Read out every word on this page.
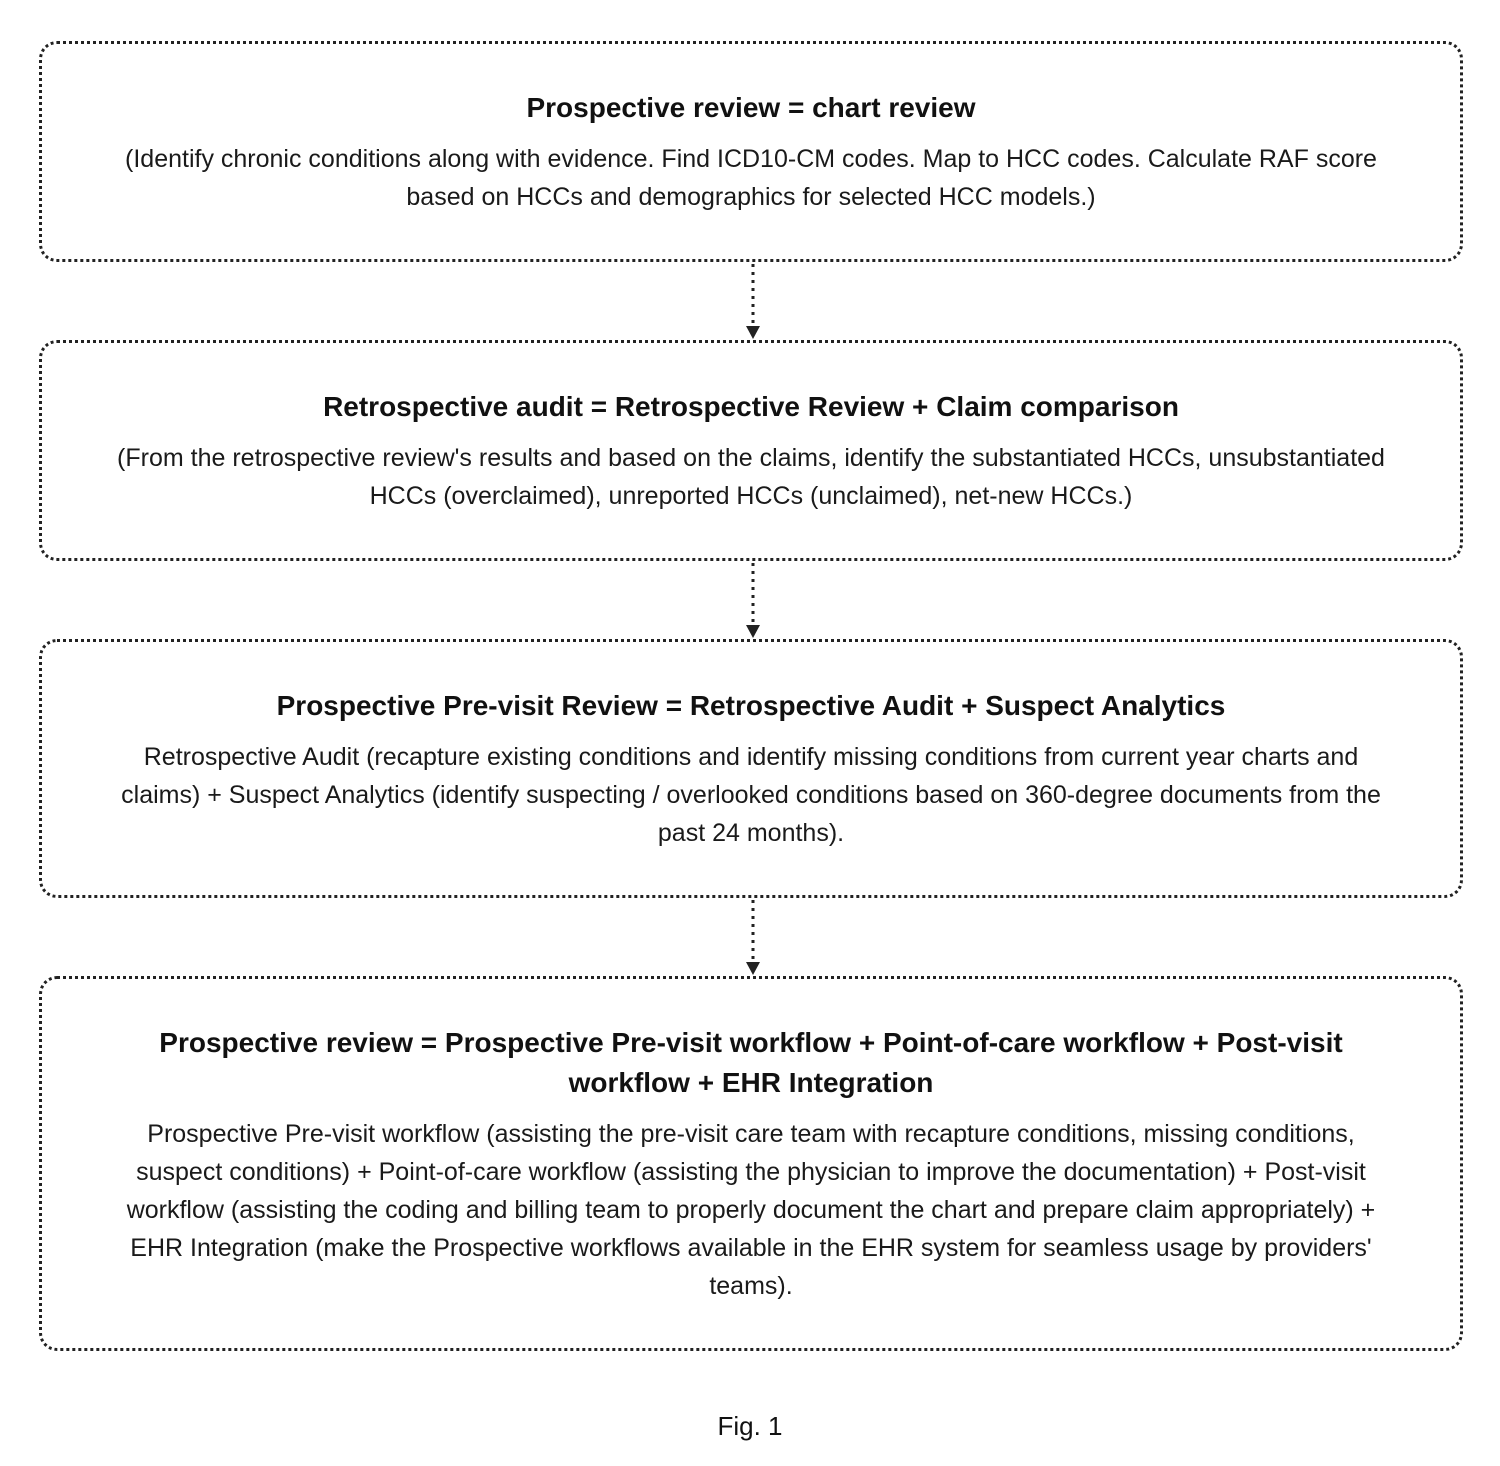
Prospective review = chart review
(Identify chronic conditions along with evidence. Find ICD10-CM codes. Map to HCC codes. Calculate RAF score based on HCCs and demographics for selected HCC models.)
Retrospective audit = Retrospective Review + Claim comparison
(From the retrospective review's results and based on the claims, identify the substantiated HCCs, unsubstantiated HCCs (overclaimed), unreported HCCs (unclaimed), net-new HCCs.)
Prospective Pre-visit Review = Retrospective Audit + Suspect Analytics
Retrospective Audit (recapture existing conditions and identify missing conditions from current year charts and claims) + Suspect Analytics (identify suspecting / overlooked conditions based on 360-degree documents from the past 24 months).
Prospective review = Prospective Pre-visit workflow + Point-of-care workflow + Post-visit workflow + EHR Integration
Prospective Pre-visit workflow (assisting the pre-visit care team with recapture conditions, missing conditions, suspect conditions) + Point-of-care workflow (assisting the physician to improve the documentation) + Post-visit workflow (assisting the coding and billing team to properly document the chart and prepare claim appropriately) + EHR Integration (make the Prospective workflows available in the EHR system for seamless usage by providers' teams).
Fig. 1
